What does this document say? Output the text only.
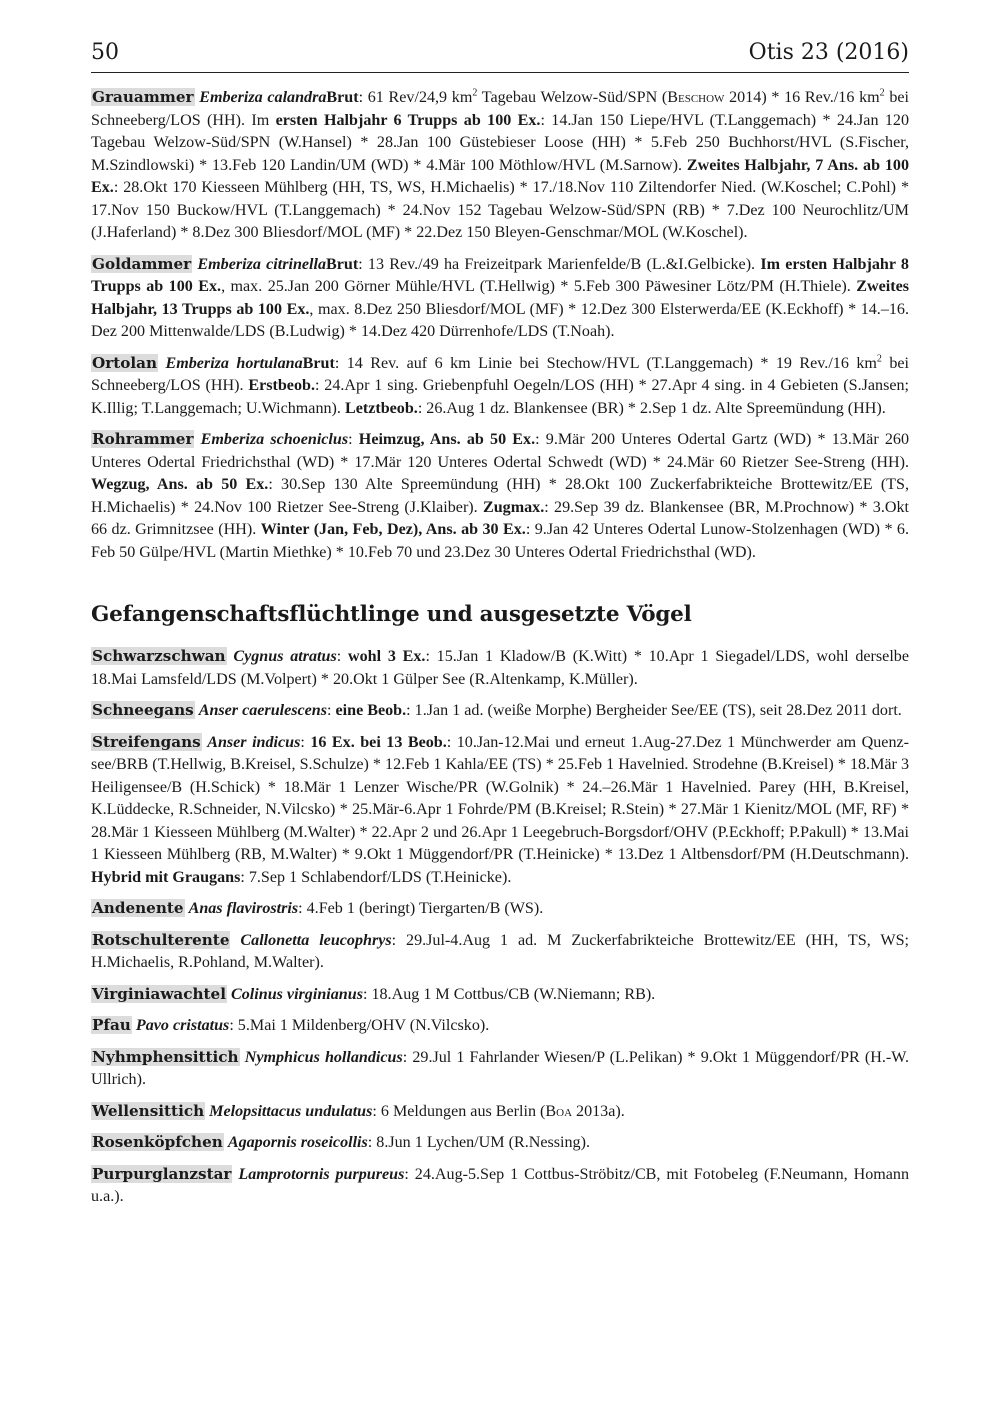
50	Otis 23 (2016)

Grauammer Emberiza calandraBrut: 61 Rev/24,9 $km^2$ Tagebau Welzow-Süd/SPN (Beschow 2014) * 16 Rev./16 $km^2$ bei Schneeberg/LOS (HH). Im ersten Halbjahr 6 Trupps ab 100 Ex.: 14.Jan 150 Liepe/HVL (T.Langgemach) * 24.Jan 120 Tagebau Welzow-Süd/SPN (W.Hansel) * 28.Jan 100 Güstebieser Loose (HH) * 5.Feb 250 Buchhorst/HVL (S.Fischer, M.Szindlowski) * 13.Feb 120 Landin/UM (WD) * 4.Mär 100 Möthlow/HVL (M.Sarnow). Zweites Halbjahr, 7 Ans. ab 100 Ex.: 28.Okt 170 Kiesseen Mühlberg (HH, TS, WS, H.Michaelis) * 17./18.Nov 110 Ziltendorfer Nied. (W.Koschel; C.Pohl) * 17.Nov 150 Buckow/HVL (T.Langgemach) * 24.Nov 152 Tagebau Welzow-Süd/SPN (RB) * 7.Dez 100 Neurochlitz/UM (J.Haferland) * 8.Dez 300 Bliesdorf/MOL (MF) * 22.Dez 150 Bleyen-Genschmar/MOL (W.Koschel).

Goldammer Emberiza citrinellaBrut: 13 Rev./49 ha Freizeitpark Marienfelde/B (L.&I.Gelbicke). Im ersten Halbjahr 8 Trupps ab 100 Ex., max. 25.Jan 200 Görner Mühle/HVL (T.Hellwig) * 5.Feb 300 Päwesiner Lötz/PM (H.Thiele). Zweites Halbjahr, 13 Trupps ab 100 Ex., max. 8.Dez 250 Bliesdorf/MOL (MF) * 12.Dez 300 Elsterwerda/EE (K.Eckhoff) * 14.–16. Dez 200 Mittenwalde/LDS (B.Ludwig) * 14.Dez 420 Dürrenhofe/LDS (T.Noah).

Ortolan Emberiza hortulanaBrut: 14 Rev. auf 6 km Linie bei Stechow/HVL (T.Langgemach) * 19 Rev./16 $km^2$ bei Schneeberg/LOS (HH). Erstbeob.: 24.Apr 1 sing. Griebenpfuhl Oegeln/LOS (HH) * 27.Apr 4 sing. in 4 Gebieten (S.Jansen; K.Illig; T.Langgemach; U.Wichmann). Letztbeob.: 26.Aug 1 dz. Blankensee (BR) * 2.Sep 1 dz. Alte Spreemündung (HH).

Rohrammer Emberiza schoeniclus: Heimzug, Ans. ab 50 Ex.: 9.Mär 200 Unteres Odertal Gartz (WD) * 13.Mär 260 Unteres Odertal Friedrichsthal (WD) * 17.Mär 120 Unteres Odertal Schwedt (WD) * 24.Mär 60 Rietzer See-Streng (HH). Wegzug, Ans. ab 50 Ex.: 30.Sep 130 Alte Spreemündung (HH) * 28.Okt 100 Zuckerfabrikteiche Brottewitz/EE (TS, H.Michaelis) * 24.Nov 100 Rietzer See-Streng (J.Klaiber). Zugmax.: 29.Sep 39 dz. Blankensee (BR, M.Prochnow) * 3.Okt 66 dz. Grimnitzsee (HH). Winter (Jan, Feb, Dez), Ans. ab 30 Ex.: 9.Jan 42 Unteres Odertal Lunow-Stolzenhagen (WD) * 6. Feb 50 Gülpe/HVL (Martin Miethke) * 10.Feb 70 und 23.Dez 30 Unteres Odertal Friedrichsthal (WD).

Gefangenschaftsflüchtlinge und ausgesetzte Vögel

Schwarzschwan Cygnus atratus: wohl 3 Ex.: 15.Jan 1 Kladow/B (K.Witt) * 10.Apr 1 Siegadel/LDS, wohl derselbe 18.Mai Lamsfeld/LDS (M.Volpert) * 20.Okt 1 Gülper See (R.Altenkamp, K.Müller).

Schneegans Anser caerulescens: eine Beob.: 1.Jan 1 ad. (weiße Morphe) Bergheider See/EE (TS), seit 28.Dez 2011 dort.

Streifengans Anser indicus: 16 Ex. bei 13 Beob.: 10.Jan-12.Mai und erneut 1.Aug-27.Dez 1 Münchwerder am Quenz-see/BRB (T.Hellwig, B.Kreisel, S.Schulze) * 12.Feb 1 Kahla/EE (TS) * 25.Feb 1 Havelnied. Strodehne (B.Kreisel) * 18.Mär 3 Heiligensee/B (H.Schick) * 18.Mär 1 Lenzer Wische/PR (W.Golnik) * 24.–26.Mär 1 Havelnied. Parey (HH, B.Kreisel, K.Lüddecke, R.Schneider, N.Vilcsko) * 25.Mär-6.Apr 1 Fohrde/PM (B.Kreisel; R.Stein) * 27.Mär 1 Kienitz/MOL (MF, RF) * 28.Mär 1 Kiesseen Mühlberg (M.Walter) * 22.Apr 2 und 26.Apr 1 Leegebruch-Borgsdorf/OHV (P.Eckhoff; P.Pakull) * 13.Mai 1 Kiesseen Mühlberg (RB, M.Walter) * 9.Okt 1 Müggendorf/PR (T.Heinicke) * 13.Dez 1 Altbensdorf/PM (H.Deutschmann). Hybrid mit Graugans: 7.Sep 1 Schlabendorf/LDS (T.Heinicke).

Andenente Anas flavirostris: 4.Feb 1 (beringt) Tiergarten/B (WS).

Rotschulterente Callonetta leucophrys: 29.Jul-4.Aug 1 ad. M Zuckerfabrikteiche Brottewitz/EE (HH, TS, WS; H.Michaelis, R.Pohland, M.Walter).

Virginiawachtel Colinus virginianus: 18.Aug 1 M Cottbus/CB (W.Niemann; RB).

Pfau Pavo cristatus: 5.Mai 1 Mildenberg/OHV (N.Vilcsko).

Nyhmphensittich Nymphicus hollandicus: 29.Jul 1 Fahrlander Wiesen/P (L.Pelikan) * 9.Okt 1 Müggendorf/PR (H.-W. Ullrich).

Wellensittich Melopsittacus undulatus: 6 Meldungen aus Berlin (Boa 2013a).

Rosenköpfchen Agapornis roseicollis: 8.Jun 1 Lychen/UM (R.Nessing).

Purpurglanzstar Lamprotornis purpureus: 24.Aug-5.Sep 1 Cottbus-Ströbitz/CB, mit Fotobeleg (F.Neumann, Homann u.a.).
